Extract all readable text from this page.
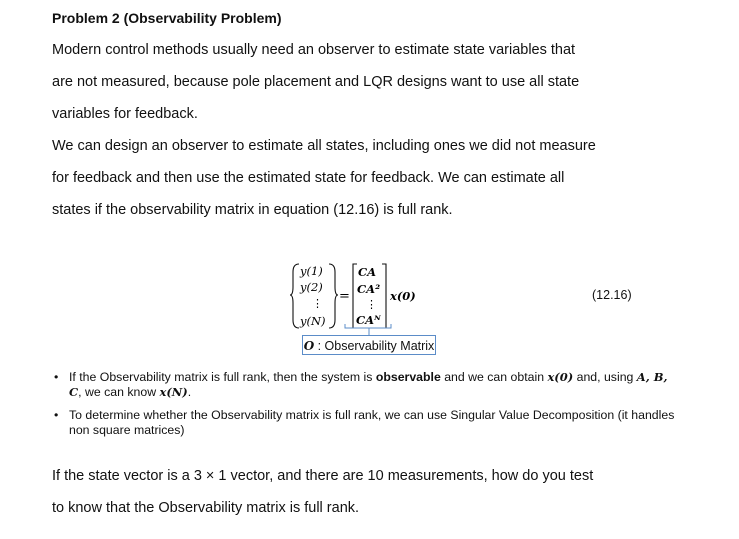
Problem 2 (Observability Problem)
Modern control methods usually need an observer to estimate state variables that
are not measured, because pole placement and LQR designs want to use all state
variables for feedback.
We can design an observer to estimate all states, including ones we did not measure
for feedback and then use the estimated state for feedback. We can estimate all
states if the observability matrix in equation (12.16) is full rank.
y(1)
y(2)
⋮
y(N)
=
CA
CA²
⋮
CAᴺ
x(0)	(12.16)
O : Observability Matrix
• If the Observability matrix is full rank, then the system is observable and we can obtain x(0) and, using A, B, C, we can know x(N).
• To determine whether the Observability matrix is full rank, we can use Singular Value Decomposition (it handles non square matrices)
If the state vector is a 3 × 1 vector, and there are 10 measurements, how do you test
to know that the Observability matrix is full rank.
